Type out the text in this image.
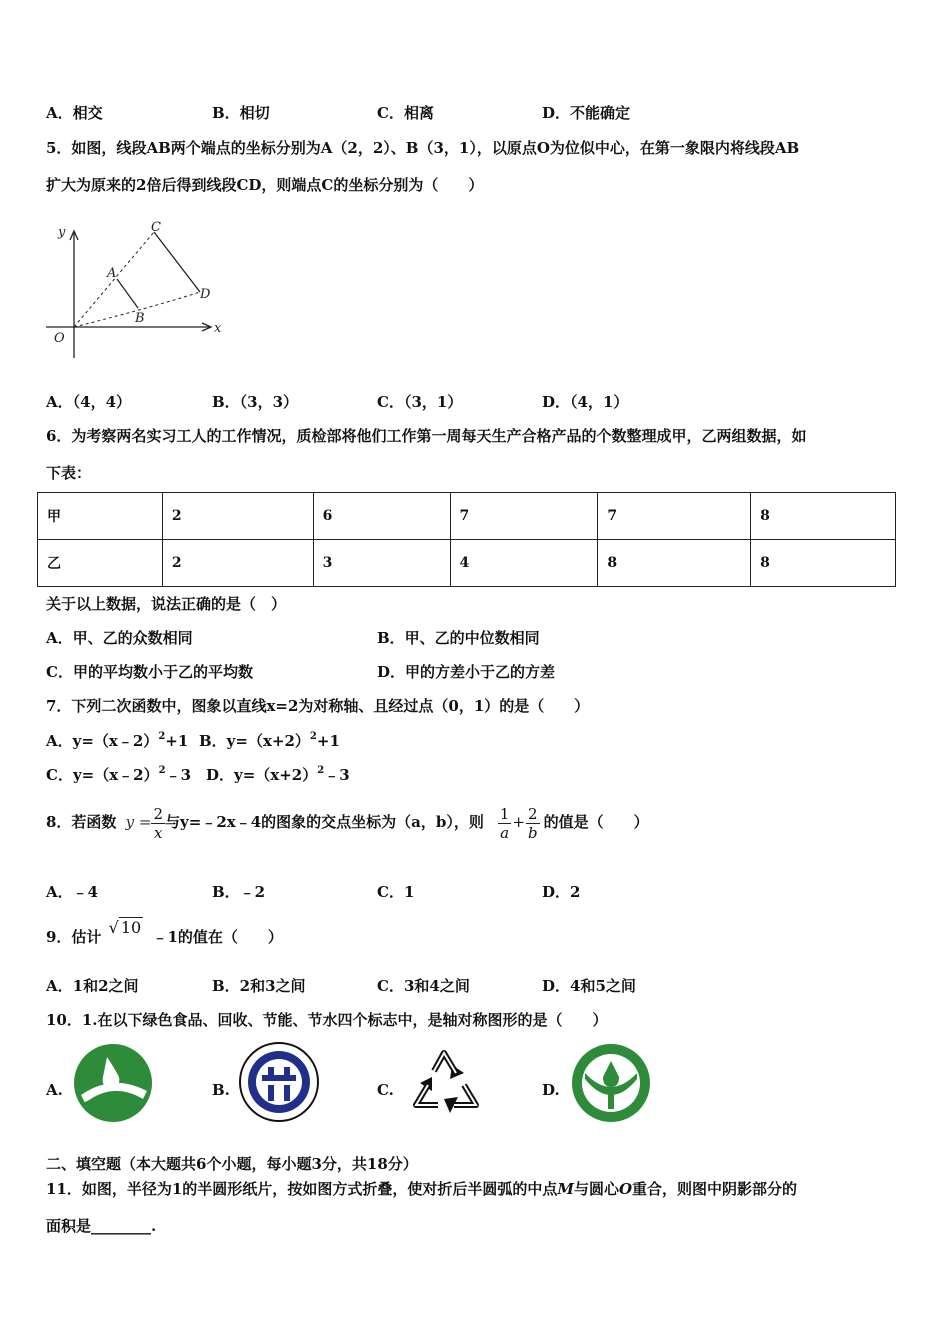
A．相交	B．相切	C．相离	D．不能确定
5．如图，线段AB两个端点的坐标分别为A（2，2）、B（3，1），以原点O为位似中心，在第一象限内将线段AB
扩大为原来的2倍后得到线段CD，则端点C的坐标分别为（　　）
y
x
O
A
B
C
D
A．（4，4）	B．（3，3）	C．（3，1）	D．（4，1）
6．为考察两名实习工人的工作情况，质检部将他们工作第一周每天生产合格产品的个数整理成甲，乙两组数据，如
下表：
甲	2	6	7	7	8
乙	2	3	4	8	8
关于以上数据，说法正确的是（　）
A．甲、乙的众数相同	B．甲、乙的中位数相同
C．甲的平均数小于乙的平均数	D．甲的方差小于乙的方差
7．下列二次函数中，图象以直线x=2为对称轴、且经过点（0，1）的是（　　）
A．y=（x﹣2）$^2$+1 B．$y=(x+2)^2+1$
C．y=（x﹣2）$^2$﹣3 D．$y=(x+2)^2﹣3$
8．若函数 $y = \frac{2}{x}$ 与y=﹣2x﹣4的图象的交点坐标为（a，b），则 $\frac{1}{a} + \frac{2}{b}$ 的值是（　　）
A．﹣4	B．﹣2	C．1	D．2
9．估计 √ 10 ﹣1的值在（　　）
A．1和2之间	B．2和3之间	C．3和4之间	D．4和5之间
10．1.在以下绿色食品、回收、节能、节水四个标志中，是轴对称图形的是（　　）
A.	B.	C.	D.
二、填空题（本大题共6个小题，每小题3分，共18分）
11．如图，半径为1的半圆形纸片，按如图方式折叠，使对折后半圆弧的中点M与圆心O重合，则图中阴影部分的
面积是________.
